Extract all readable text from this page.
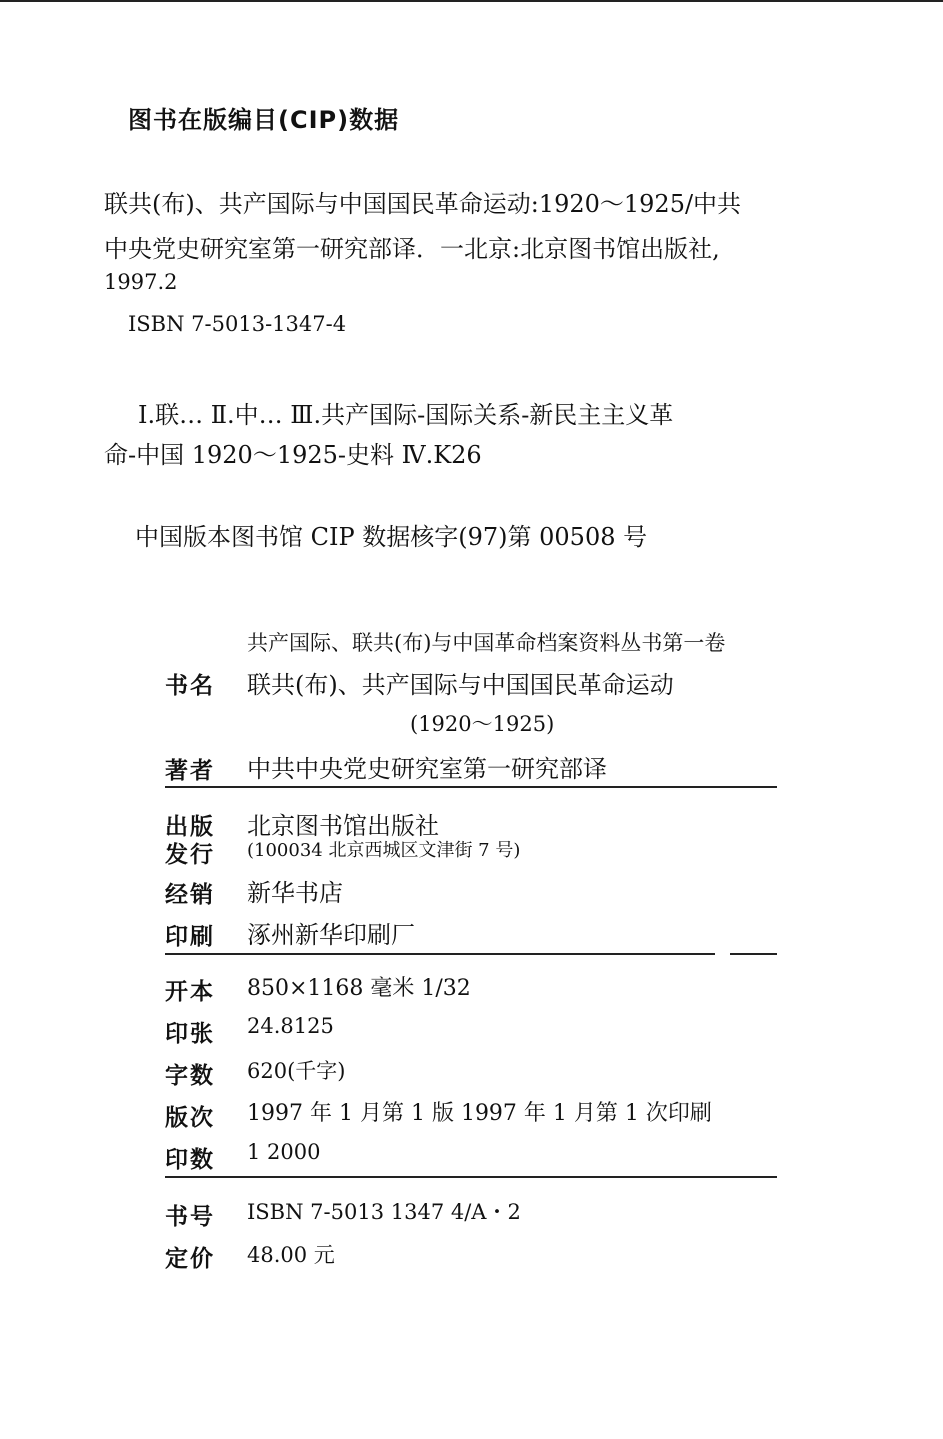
图书在版编目(CIP)数据
联共(布)、共产国际与中国国民革命运动:1920～1925/中共
中央党史研究室第一研究部译．一北京:北京图书馆出版社,
1997.2
ISBN 7-5013-1347-4
Ⅰ.联… Ⅱ.中… Ⅲ.共产国际-国际关系-新民主主义革
命-中国 1920～1925-史料 Ⅳ.K26
中国版本图书馆 CIP 数据核字(97)第 00508 号
共产国际、联共(布)与中国革命档案资料丛书第一卷
书名 联共(布)、共产国际与中国国民革命运动
(1920～1925)
著者 中共中央党史研究室第一研究部译
出版
发行
北京图书馆出版社
(100034 北京西城区文津街 7 号)
经销 新华书店
印刷 涿州新华印刷厂
开本 850×1168 毫米 1/32
印张 24.8125
字数 620(千字)
版次 1997 年 1 月第 1 版 1997 年 1 月第 1 次印刷
印数 1 2000
书号 ISBN 7-5013 1347 4/A・2
定价 48.00 元
